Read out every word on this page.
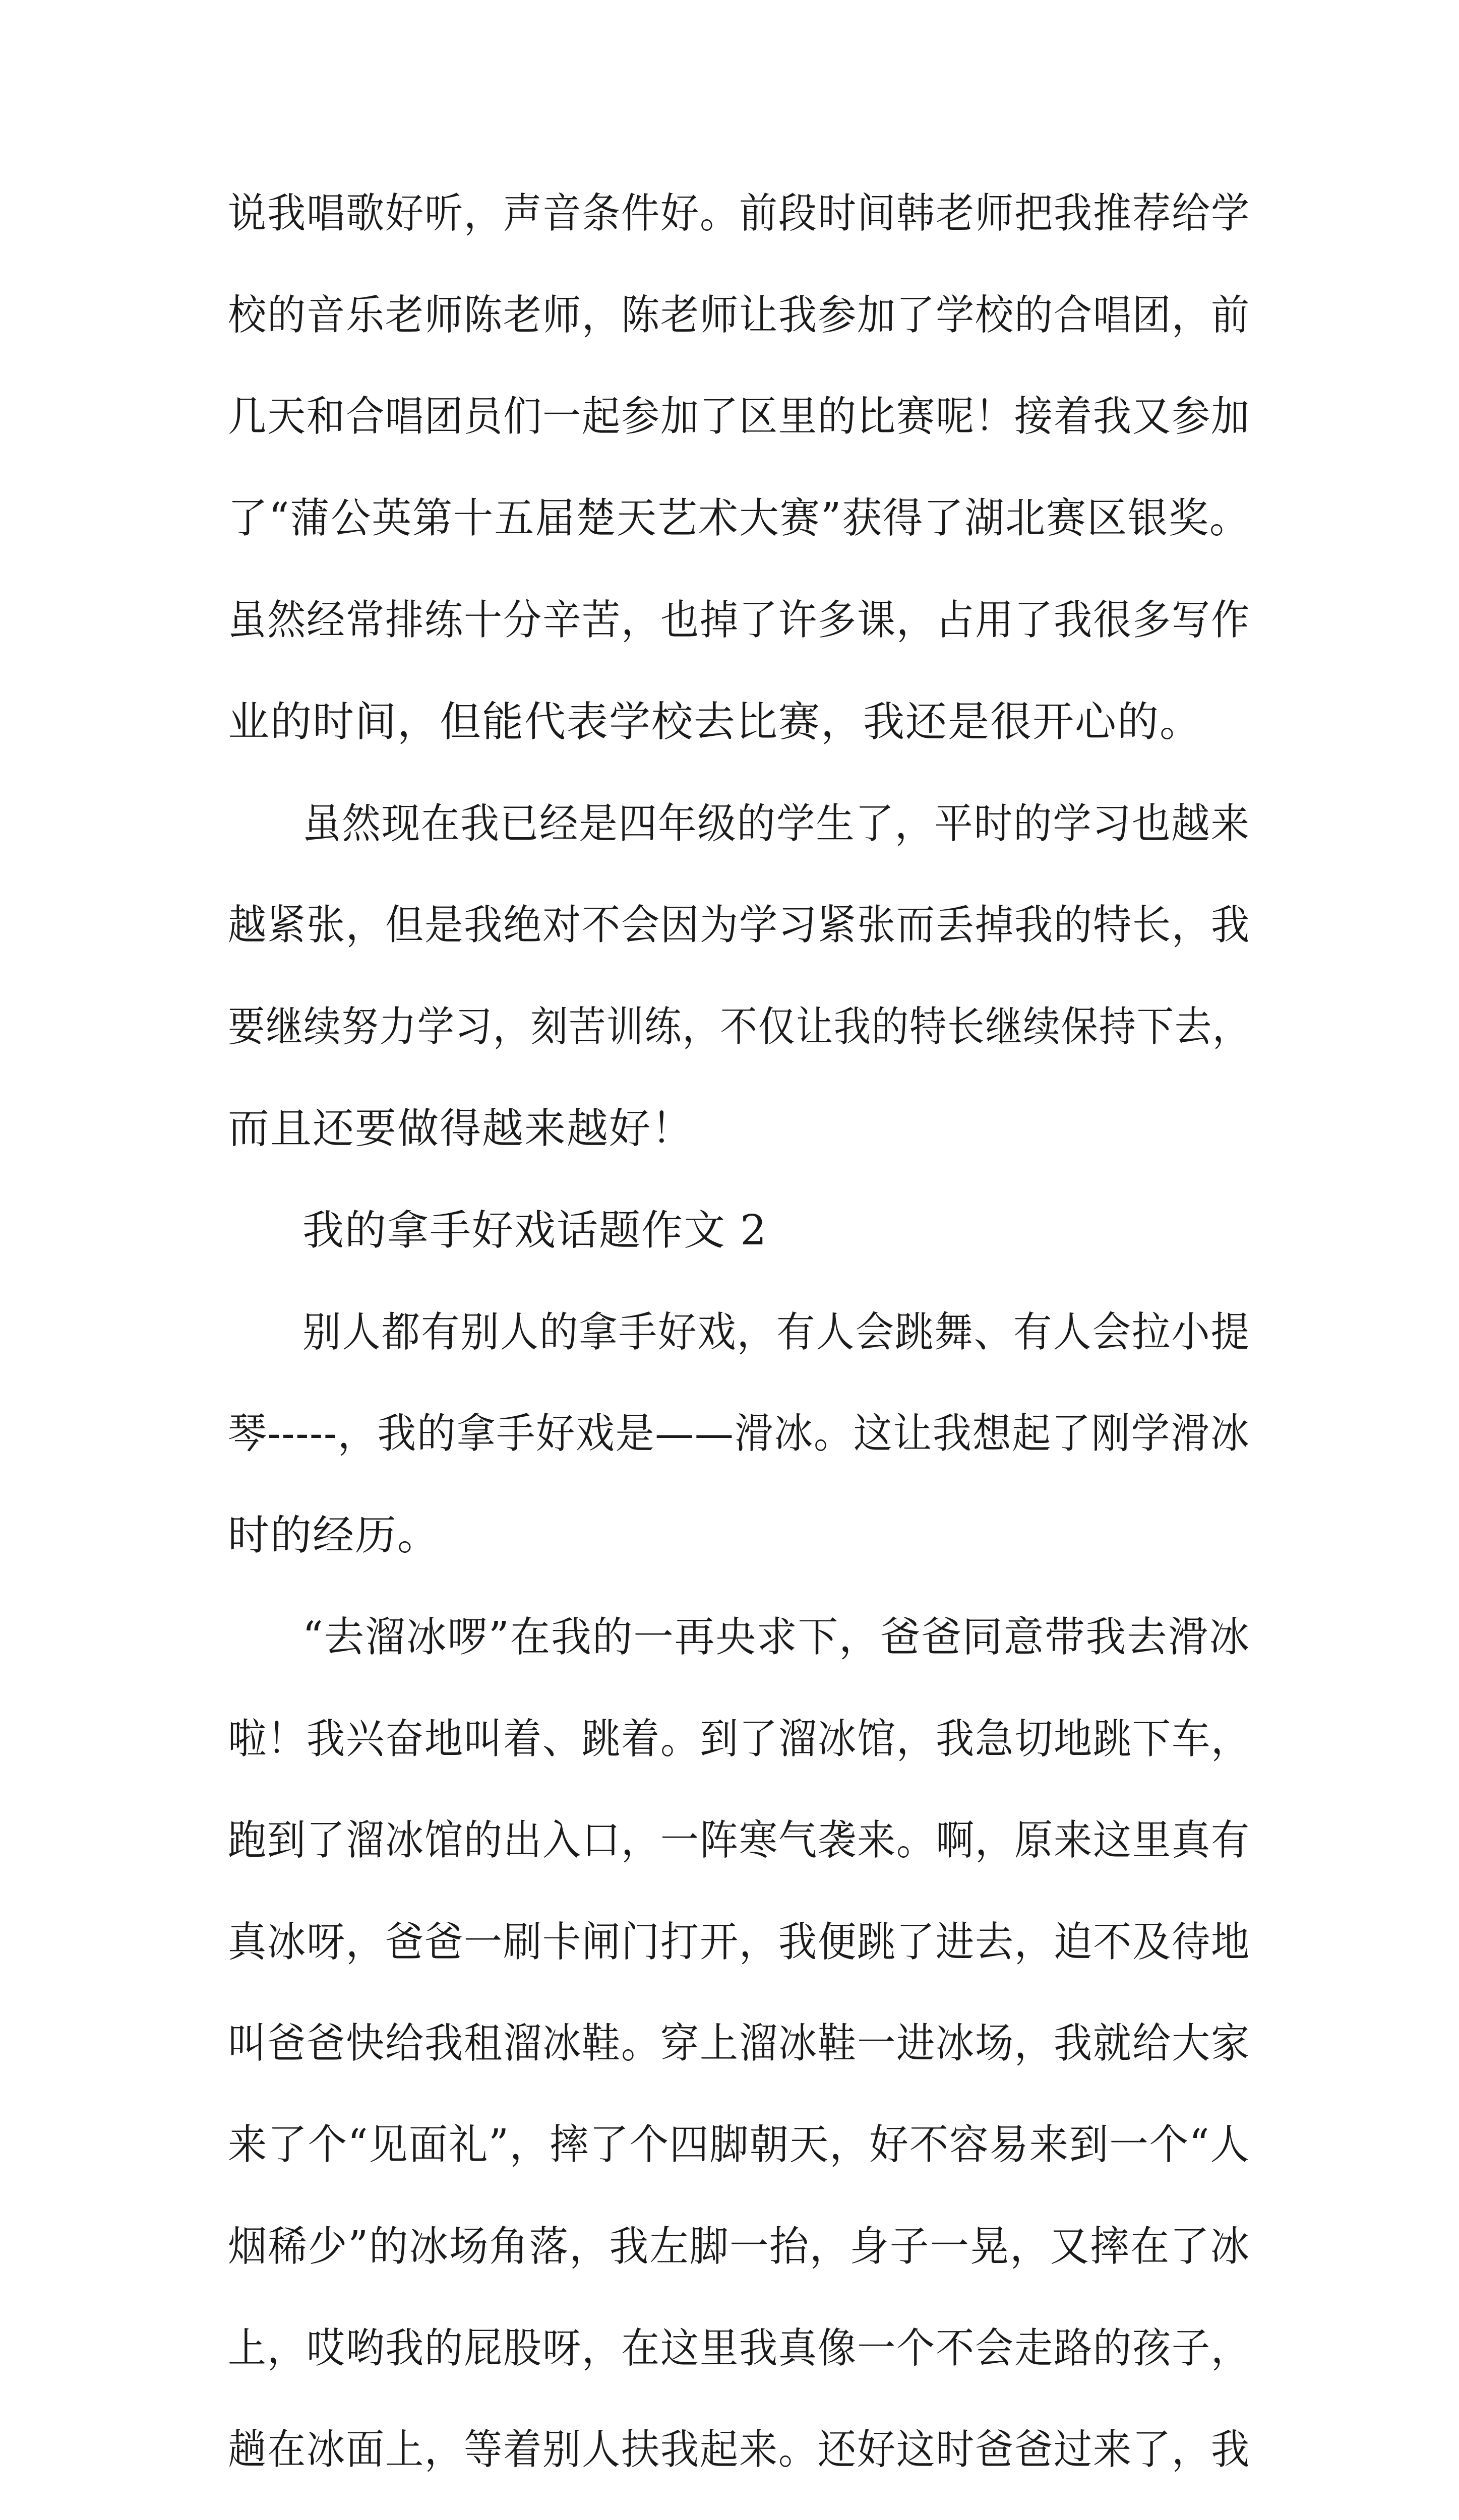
说我唱歌好听，声音条件好。前段时间韩老师把我推荐给学
校的音乐老师陈老师，陈老师让我参加了学校的合唱团，前
几天和合唱团员们一起参加了区里的比赛呢！接着我又参加
了“蒲公英第十五届楚天艺术大赛”获得了湖北赛区银奖。
虽然经常排练十分辛苦，也掉了许多课，占用了我很多写作
业的时间，但能代表学校去比赛，我还是很开心的。
虽然现在我已经是四年级的学生了，平时的学习也越来
越紧张，但是我绝对不会因为学习紧张而丢掉我的特长，我
要继续努力学习，刻苦训练，不仅让我的特长继续保持下去，
而且还要做得越来越好！
我的拿手好戏话题作文 2
别人都有别人的拿手好戏，有人会跳舞、有人会拉小提
琴-----，我的拿手好戏是——滑冰。这让我想起了刚学滑冰
时的经历。
“去溜冰啰”在我的一再央求下，爸爸同意带我去滑冰
啦！我兴奋地叫着、跳着。到了溜冰馆，我急切地跳下车，
跑到了溜冰馆的出入口，一阵寒气袭来。啊，原来这里真有
真冰呀，爸爸一刷卡闸门打开，我便跳了进去，迫不及待地
叫爸爸快给我租溜冰鞋。穿上溜冰鞋一进冰场，我就给大家
来了个“见面礼”，摔了个四脚朝天，好不容易来到一个“人
烟稀少”的冰场角落，我左脚一抬，身子一晃，又摔在了冰
上，哎哟我的屁股呀，在这里我真像一个不会走路的孩子，
趟在冰面上，等着别人扶我起来。还好这时爸爸过来了，我
